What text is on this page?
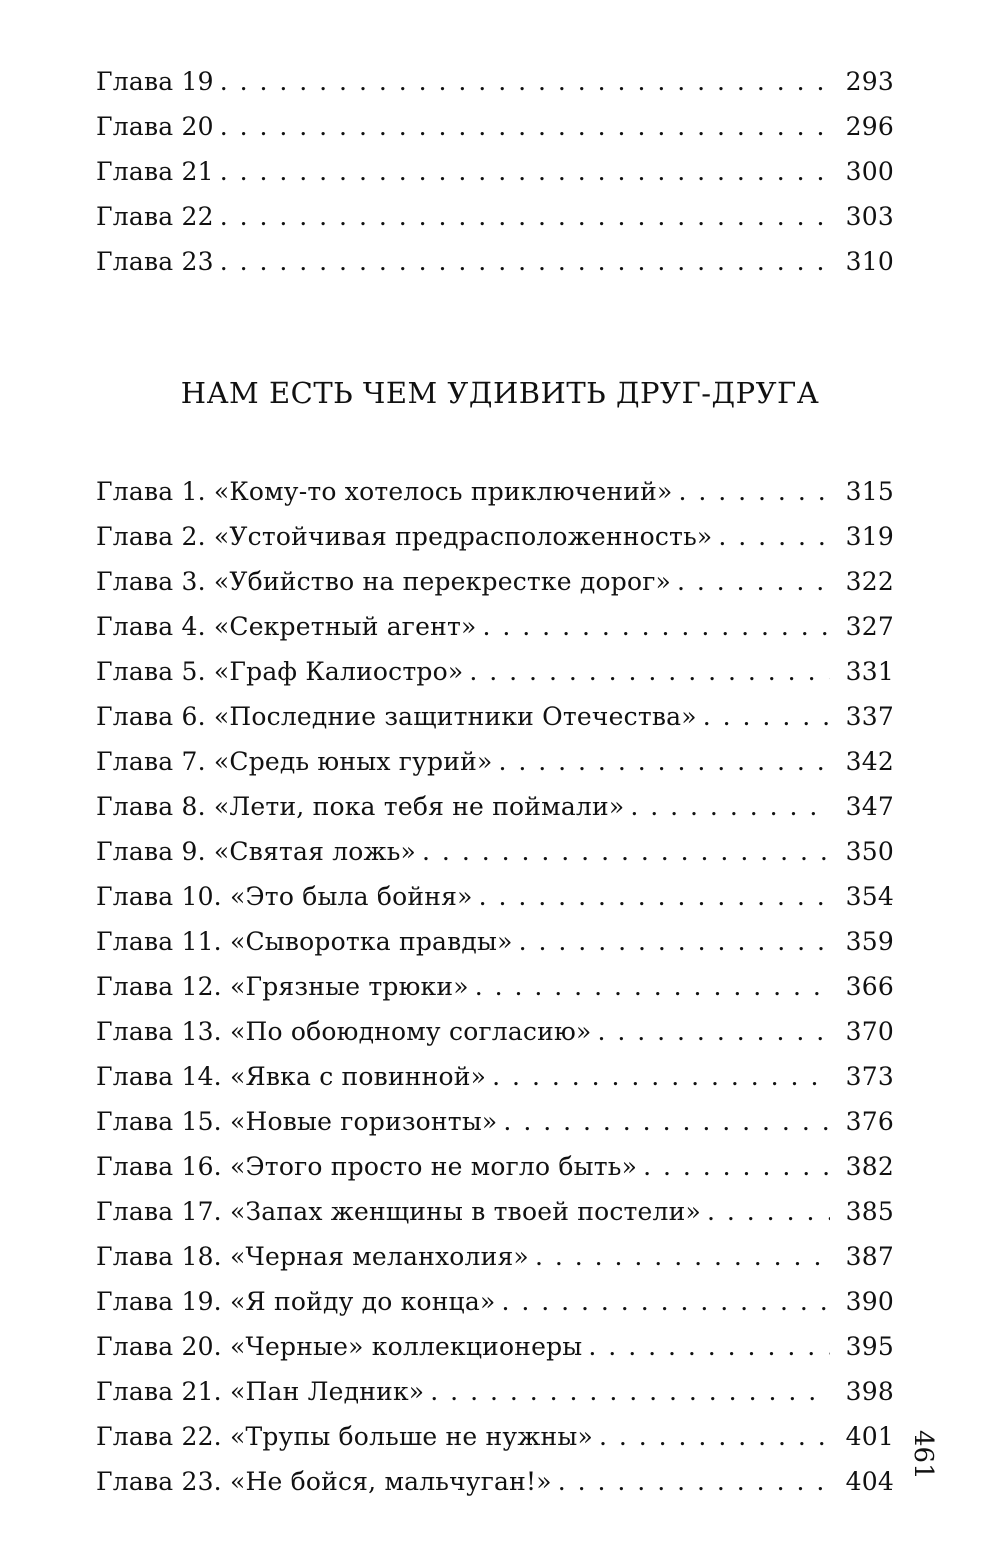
Глава 19 . . .	293
Глава 20 . . .	296
Глава 21 . . .	300
Глава 22 . . .	303
Глава 23 . . .	310
НАМ ЕСТЬ ЧЕМ УДИВИТЬ ДРУГ-ДРУГА
Глава 1. «Кому-то хотелось приключений» . . .	315
Глава 2. «Устойчивая предрасположенность» . . .	319
Глава 3. «Убийство на перекрестке дорог» . . .	322
Глава 4. «Секретный агент» . . .	327
Глава 5. «Граф Калиостро» . . .	331
Глава 6. «Последние защитники Отечества» . . .	337
Глава 7. «Средь юных гурий» . . .	342
Глава 8. «Лети, пока тебя не поймали» . . .	347
Глава 9. «Святая ложь» . . .	350
Глава 10. «Это была бойня» . . .	354
Глава 11. «Сыворотка правды» . . .	359
Глава 12. «Грязные трюки» . . .	366
Глава 13. «По обоюдному согласию» . . .	370
Глава 14. «Явка с повинной» . . .	373
Глава 15. «Новые горизонты» . . .	376
Глава 16. «Этого просто не могло быть» . . .	382
Глава 17. «Запах женщины в твоей постели» . . .	385
Глава 18. «Черная меланхолия» . . .	387
Глава 19. «Я пойду до конца» . . .	390
Глава 20. «Черные» коллекционеры . . .	395
Глава 21. «Пан Ледник» . . .	398
Глава 22. «Трупы больше не нужны» . . .	401
Глава 23. «Не бойся, мальчуган!» . . .	404
461
